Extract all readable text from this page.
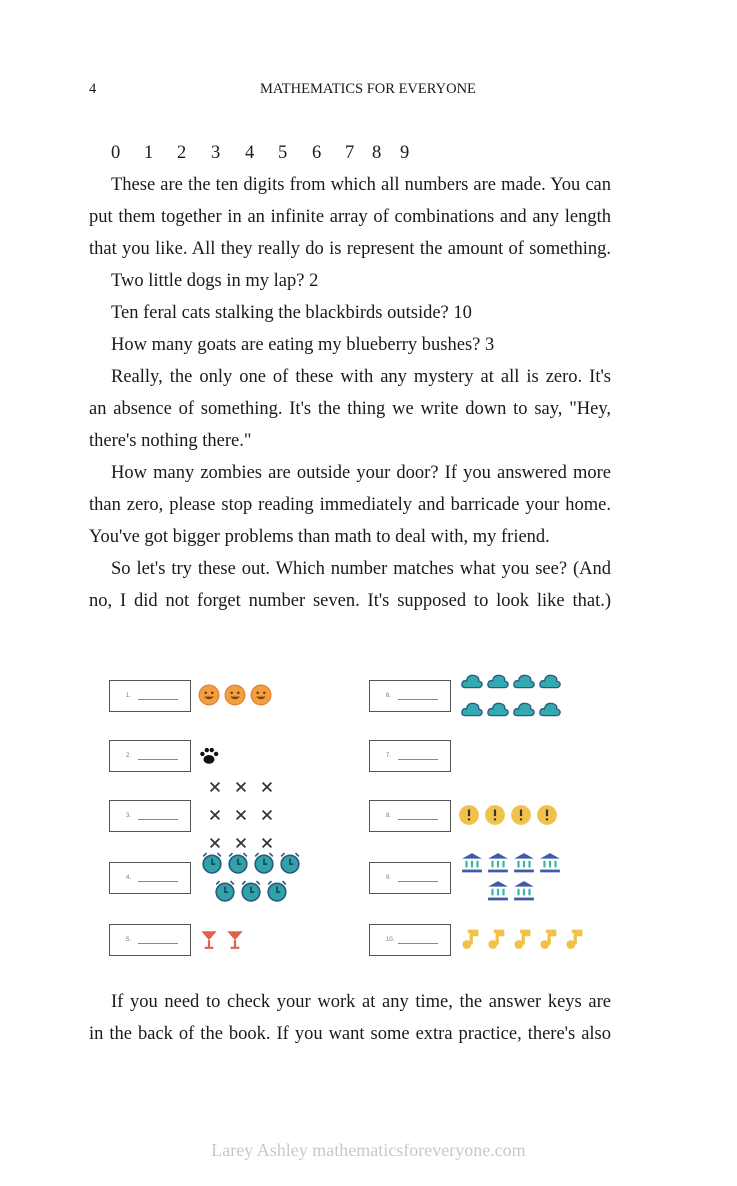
4	MATHEMATICS FOR EVERYONE
0 1 2 3 4 5 6 7 8 9
These are the ten digits from which all numbers are made. You can
put them together in an infinite array of combinations and any length
that you like. All they really do is represent the amount of something.
Two little dogs in my lap? 2
Ten feral cats stalking the blackbirds outside? 10
How many goats are eating my blueberry bushes? 3
Really, the only one of these with any mystery at all is zero. It's
an absence of something. It's the thing we write down to say, "Hey,
there's nothing there."
How many zombies are outside your door? If you answered more
than zero, please stop reading immediately and barricade your home.
You've got bigger problems than math to deal with, my friend.
So let's try these out. Which number matches what you see? (And
no, I did not forget number seven. It's supposed to look like that.)
1.
2.
3.
4.
5.
6.
7.
8.
9.
10.
If you need to check your work at any time, the answer keys are
in the back of the book. If you want some extra practice, there's also
Larey Ashley mathematicsforeveryone.com
